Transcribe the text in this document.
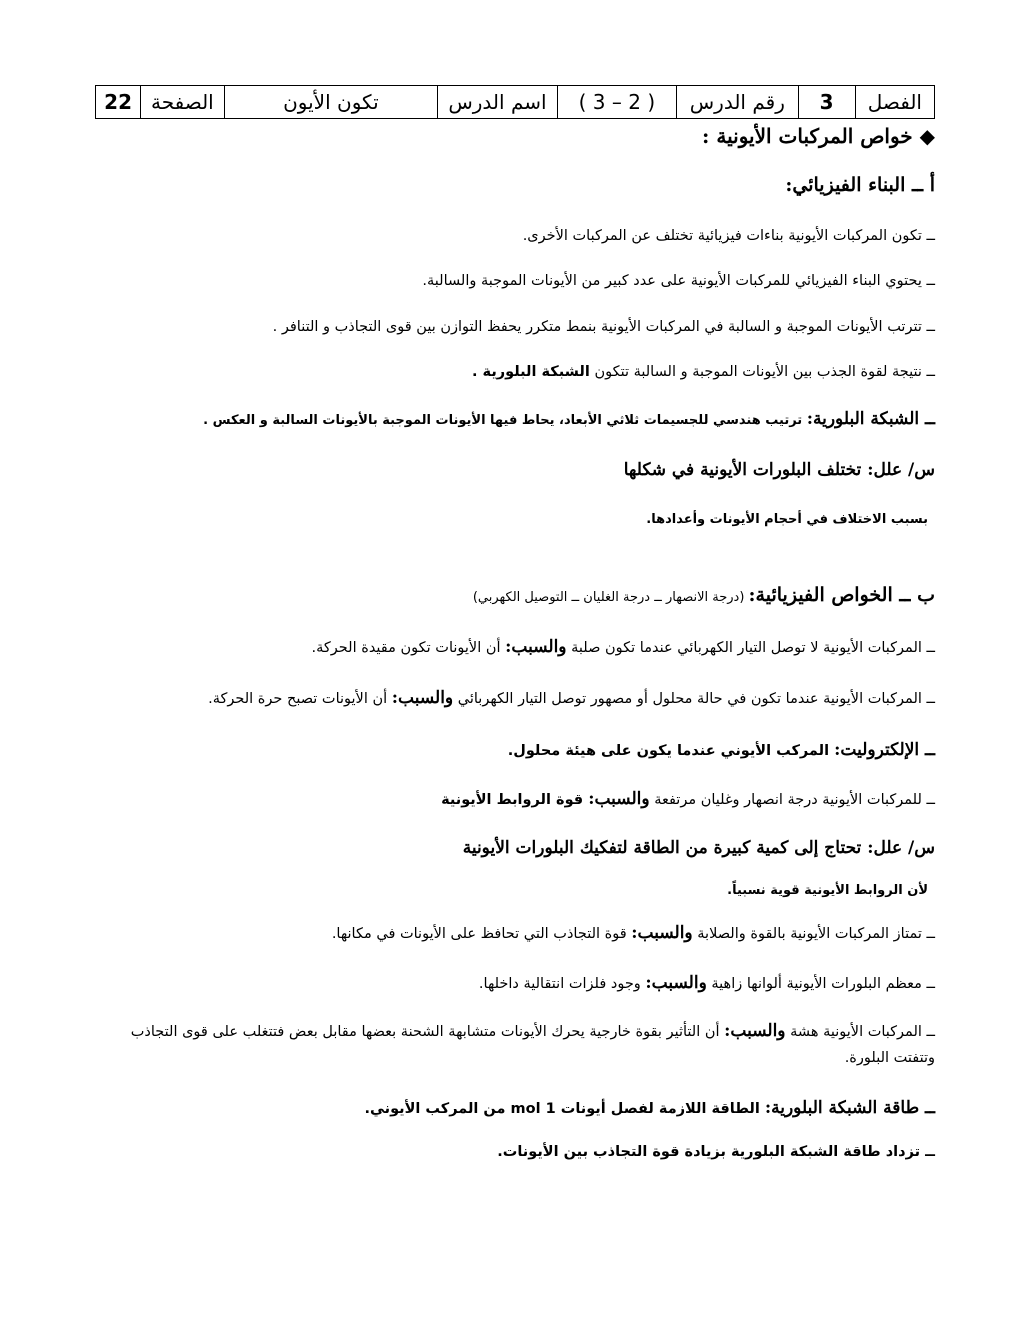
الفصل	3	رقم الدرس	( 2 – 3 )	اسم الدرس	تكون الأيون	الصفحة	22
◆ خواص المركبات الأيونية :
أ ــ البناء الفيزيائي:
ــ تكون المركبات الأيونية بناءات فيزيائية تختلف عن المركبات الأخرى.
ــ يحتوي البناء الفيزيائي للمركبات الأيونية على عدد كبير من الأيونات الموجبة والسالبة.
ــ تترتب الأيونات الموجبة و السالبة في المركبات الأيونية بنمط متكرر يحفظ التوازن بين قوى التجاذب و التنافر .
ــ نتيجة لقوة الجذب بين الأيونات الموجبة و السالبة تتكون الشبكة البلورية .
ــ الشبكة البلورية: ترتيب هندسي للجسيمات ثلاثي الأبعاد، يحاط فيها الأيونات الموجبة بالأيونات السالبة و العكس .
س/ علل: تختلف البلورات الأيونية في شكلها
بسبب الاختلاف في أحجام الأيونات وأعدادها.
ب ــ الخواص الفيزيائية: (درجة الانصهار ــ درجة الغليان ــ التوصيل الكهربي)
ــ المركبات الأيونية لا توصل التيار الكهربائي عندما تكون صلبة والسبب: أن الأيونات تكون مقيدة الحركة.
ــ المركبات الأيونية عندما تكون في حالة محلول أو مصهور توصل التيار الكهربائي والسبب: أن الأيونات تصبح حرة الحركة.
ــ الإلكتروليت: المركب الأيوني عندما يكون على هيئة محلول.
ــ للمركبات الأيونية درجة انصهار وغليان مرتفعة والسبب: قوة الروابط الأيونية
س/ علل: تحتاج إلى كمية كبيرة من الطاقة لتفكيك البلورات الأيونية
لأن الروابط الأيونية قوية نسبياً.
ــ تمتاز المركبات الأيونية بالقوة والصلابة والسبب: قوة التجاذب التي تحافظ على الأيونات في مكانها.
ــ معظم البلورات الأيونية ألوانها زاهية والسبب: وجود فلزات انتقالية داخلها.
ــ المركبات الأيونية هشة والسبب: أن التأثير بقوة خارجية يحرك الأيونات متشابهة الشحنة بعضها مقابل بعض فتتغلب على قوى التجاذب وتتفتت البلورة.
ــ طاقة الشبكة البلورية: الطاقة اللازمة لفصل أيونات 1 mol من المركب الأيوني.
ــ تزداد طاقة الشبكة البلورية بزيادة قوة التجاذب بين الأيونات.
